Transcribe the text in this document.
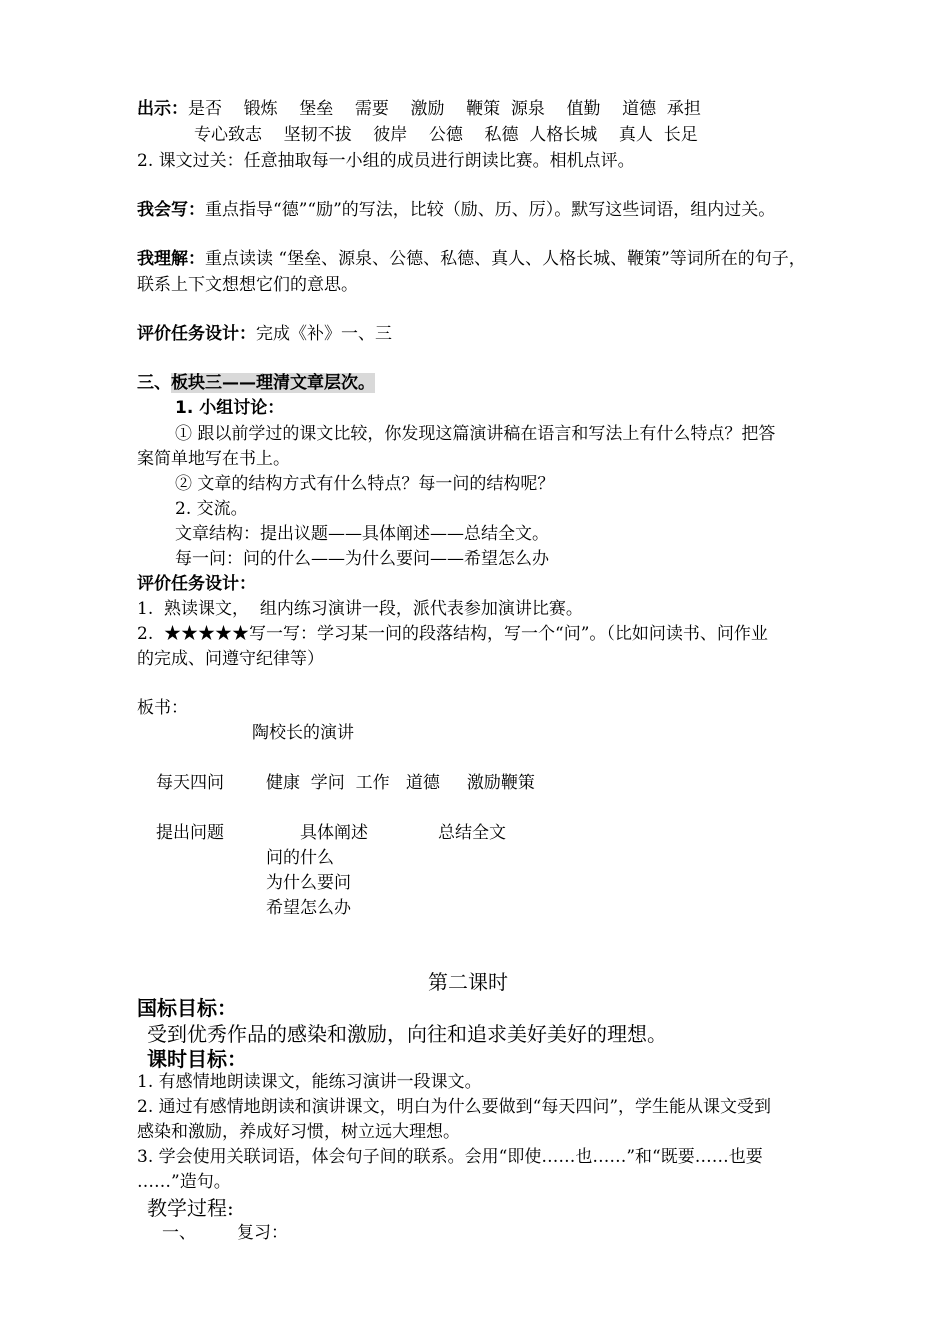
出示：是否    锻炼    堡垒    需要    激励    鞭策  源泉    值勤    道德  承担
专心致志    坚韧不拔    彼岸    公德    私德  人格长城    真人  长足
2. 课文过关：任意抽取每一小组的成员进行朗读比赛。相机点评。
我会写：重点指导“德”“励”的写法，比较（励、历、厉）。默写这些词语，组内过关。
我理解：重点读读 “堡垒、源泉、公德、私德、真人、人格长城、鞭策”等词所在的句子，
联系上下文想想它们的意思。
评价任务设计：完成《补》一、三
三、板块三——理清文章层次。
1. 小组讨论：
① 跟以前学过的课文比较，你发现这篇演讲稿在语言和写法上有什么特点？把答
案简单地写在书上。
② 文章的结构方式有什么特点？每一问的结构呢？
2. 交流。
文章结构：提出议题——具体阐述——总结全文。
每一问：问的什么——为什么要问——希望怎么办
评价任务设计：
1.  熟读课文，  组内练习演讲一段，派代表参加演讲比赛。
2.  ★★★★★写一写：学习某一问的段落结构，写一个“问”。（比如问读书、问作业
的完成、问遵守纪律等）
板书：
陶校长的演讲
每天四问 健康  学问  工作   道德     激励鞭策
提出问题	具体阐述	总结全文
问的什么
为什么要问
希望怎么办
第二课时
国标目标：
受到优秀作品的感染和激励，向往和追求美好美好的理想。
课时目标：
1. 有感情地朗读课文，能练习演讲一段课文。
2. 通过有感情地朗读和演讲课文，明白为什么要做到“每天四问”，学生能从课文受到
感染和激励，养成好习惯，树立远大理想。
3. 学会使用关联词语，体会句子间的联系。会用“即使……也……”和“既要……也要
……”造句。
教学过程:
一、 复习：
